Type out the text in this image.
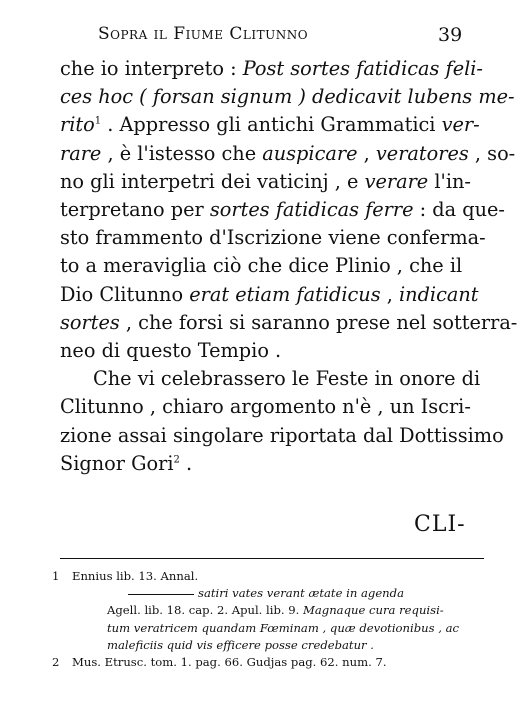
Sopra il Fiume Clitunno	39
che io interpreto : Post sortes fatidicas feli-
ces hoc ( forsan signum ) dedicavit lubens me-
rito$^1$ . Appresso gli antichi Grammatici ver-
rare , è l'istesso che auspicare , veratores , so-
no gli interpetri dei vaticinj , e verare l'in-
terpretano per sortes fatidicas ferre : da que-
sto frammento d'Iscrizione viene conferma-
to a meraviglia ciò che dice Plinio , che il
Dio Clitunno erat etiam fatidicus , indicant
sortes , che forsi si saranno prese nel sotterra-
neo di questo Tempio .
Che vi celebrassero le Feste in onore di
Clitunno , chiaro argomento n'è , un Iscri-
zione assai singolare riportata dal Dottissimo
Signor Gori$^2$ .
CLI-
1 Ennius lib. 13. Annal.
satiri vates verant ætate in agenda
Agell. lib. 18. cap. 2. Apul. lib. 9. Magnaque cura requisi-
tum veratricem quandam Fœminam , quæ devotionibus , ac
maleficiis quid vis efficere posse credebatur .
2 Mus. Etrusc. tom. 1. pag. 66. Gudjas pag. 62. num. 7.
